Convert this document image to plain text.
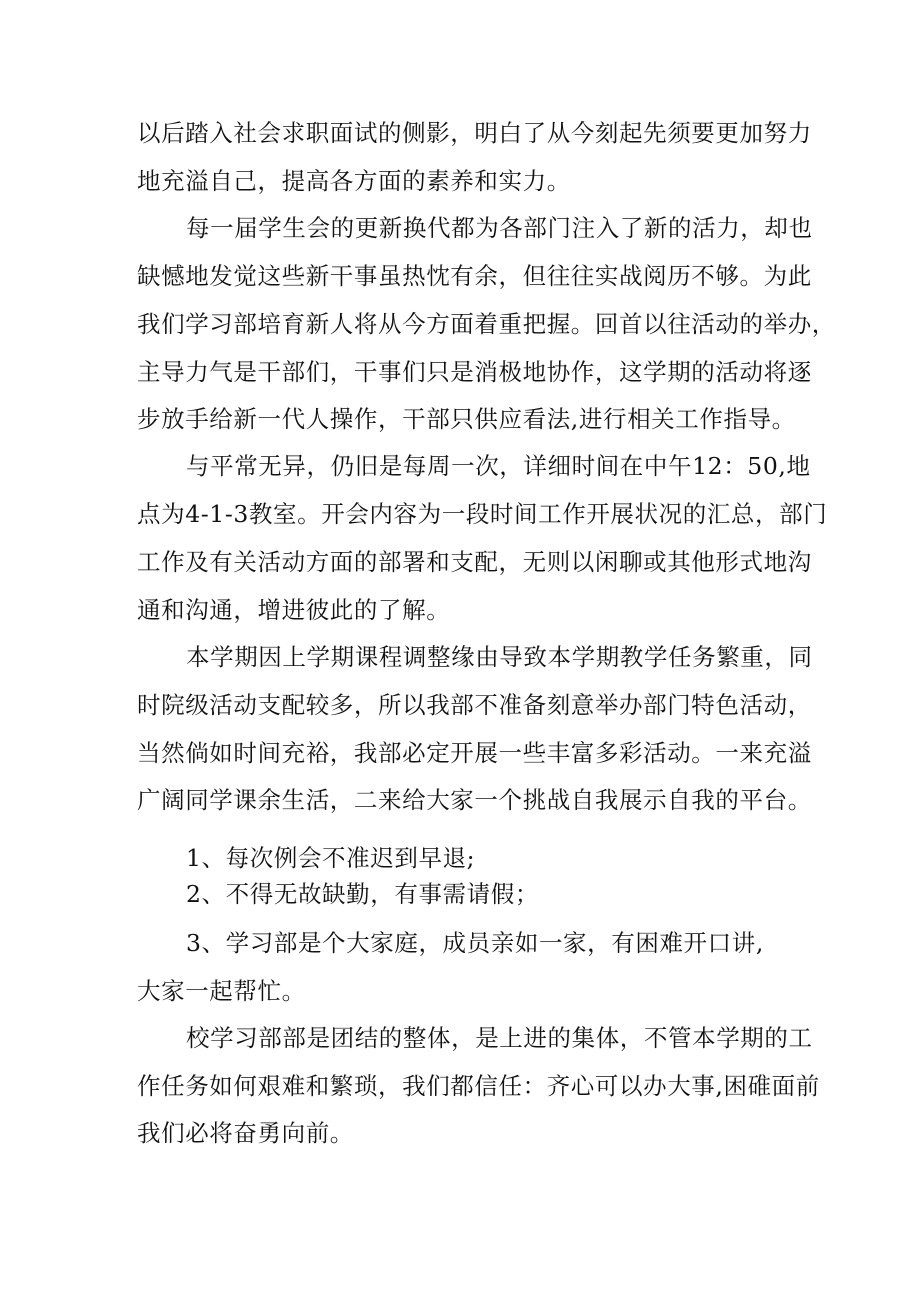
以后踏入社会求职面试的侧影，明白了从今刻起先须要更加努力
地充溢自己，提高各方面的素养和实力。
每一届学生会的更新换代都为各部门注入了新的活力，却也
缺憾地发觉这些新干事虽热忱有余，但往往实战阅历不够。为此
我们学习部培育新人将从今方面着重把握。回首以往活动的举办，
主导力气是干部们，干事们只是消极地协作，这学期的活动将逐
步放手给新一代人操作，干部只供应看法,进行相关工作指导。
与平常无异，仍旧是每周一次，详细时间在中午12：50,地
点为4-1-3教室。开会内容为一段时间工作开展状况的汇总，部门
工作及有关活动方面的部署和支配，无则以闲聊或其他形式地沟
通和沟通，增进彼此的了解。
本学期因上学期课程调整缘由导致本学期教学任务繁重，同
时院级活动支配较多，所以我部不准备刻意举办部门特色活动，
当然倘如时间充裕，我部必定开展一些丰富多彩活动。一来充溢
广阔同学课余生活，二来给大家一个挑战自我展示自我的平台。
1、每次例会不准迟到早退;
2、不得无故缺勤，有事需请假；
3、学习部是个大家庭，成员亲如一家，有困难开口讲,
大家一起帮忙。
校学习部部是团结的整体，是上进的集体，不管本学期的工
作任务如何艰难和繁琐，我们都信任：齐心可以办大事,困碓面前
我们必将奋勇向前。
